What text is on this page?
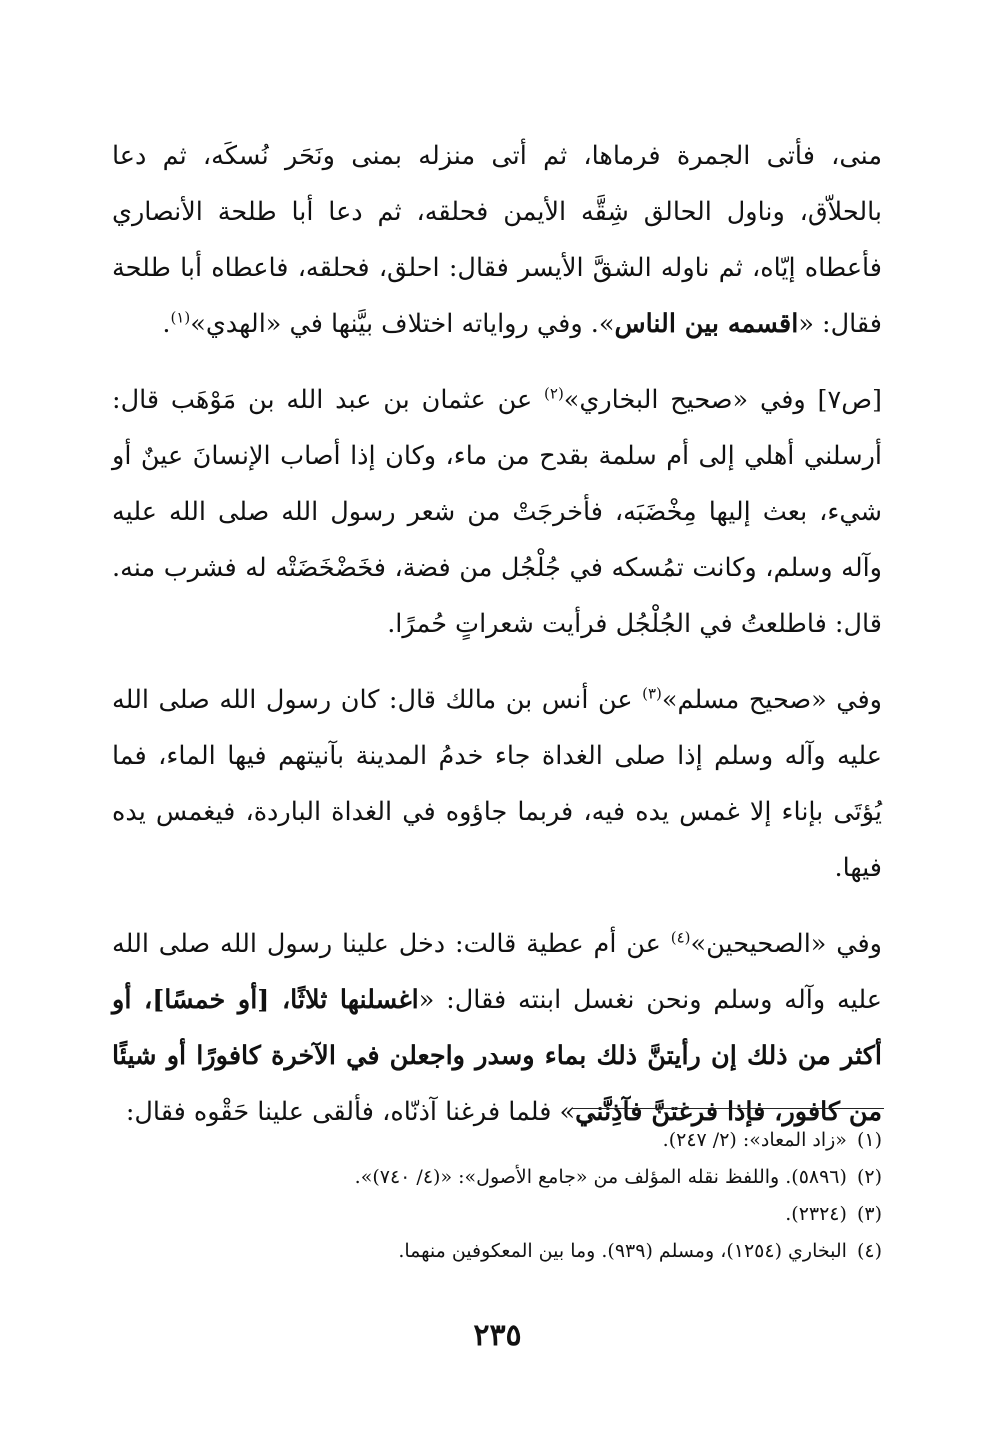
منى، فأتى الجمرة فرماها، ثم أتى منزله بمنى ونَحَر نُسكَه، ثم دعا بالحلاّق، وناول الحالق شِقَّه الأيمن فحلقه، ثم دعا أبا طلحة الأنصاري فأعطاه إيّاه، ثم ناوله الشقَّ الأيسر فقال: احلق، فحلقه، فاعطاه أبا طلحة فقال: «اقسمه بين الناس». وفي رواياته اختلاف بيَّنها في «الهدي»$^{(١)}$.

[ص٧] وفي «صحيح البخاري»$^{(٢)}$ عن عثمان بن عبد الله بن مَوْهَب قال: أرسلني أهلي إلى أم سلمة بقدح من ماء، وكان إذا أصاب الإنسانَ عينٌ أو شيء، بعث إليها مِخْضَبَه، فأخرجَتْ من شعر رسول الله صلى الله عليه وآله وسلم، وكانت تمُسكه في جُلْجُل من فضة، فخَضْخَضَتْه له فشرب منه. قال: فاطلعتُ في الجُلْجُل فرأيت شعراتٍ حُمرًا.

وفي «صحيح مسلم»$^{(٣)}$ عن أنس بن مالك قال: كان رسول الله صلى الله عليه وآله وسلم إذا صلى الغداة جاء خدمُ المدينة بآنيتهم فيها الماء، فما يُؤتَى بإناء إلا غمس يده فيه، فربما جاؤوه في الغداة الباردة، فيغمس يده فيها.

وفي «الصحيحين»$^{(٤)}$ عن أم عطية قالت: دخل علينا رسول الله صلى الله عليه وآله وسلم ونحن نغسل ابنته فقال: «اغسلنها ثلاثًا، [أو خمسًا]، أو أكثر من ذلك إن رأيتنَّ ذلك بماء وسدر واجعلن في الآخرة كافورًا أو شيئًا من كافور، فإذا فرغتنَّ فآذِنَّني» فلما فرغنا آذنّاه، فألقى علينا حَقْوه فقال:

(١)«زاد المعاد»: (٢/ ٢٤٧).
(٢)(٥٨٩٦). واللفظ نقله المؤلف من «جامع الأصول»: «(٤/ ٧٤٠)».
(٣)(٢٣٢٤).
(٤)البخاري (١٢٥٤)، ومسلم (٩٣٩). وما بين المعكوفين منهما.
٢٣٥
